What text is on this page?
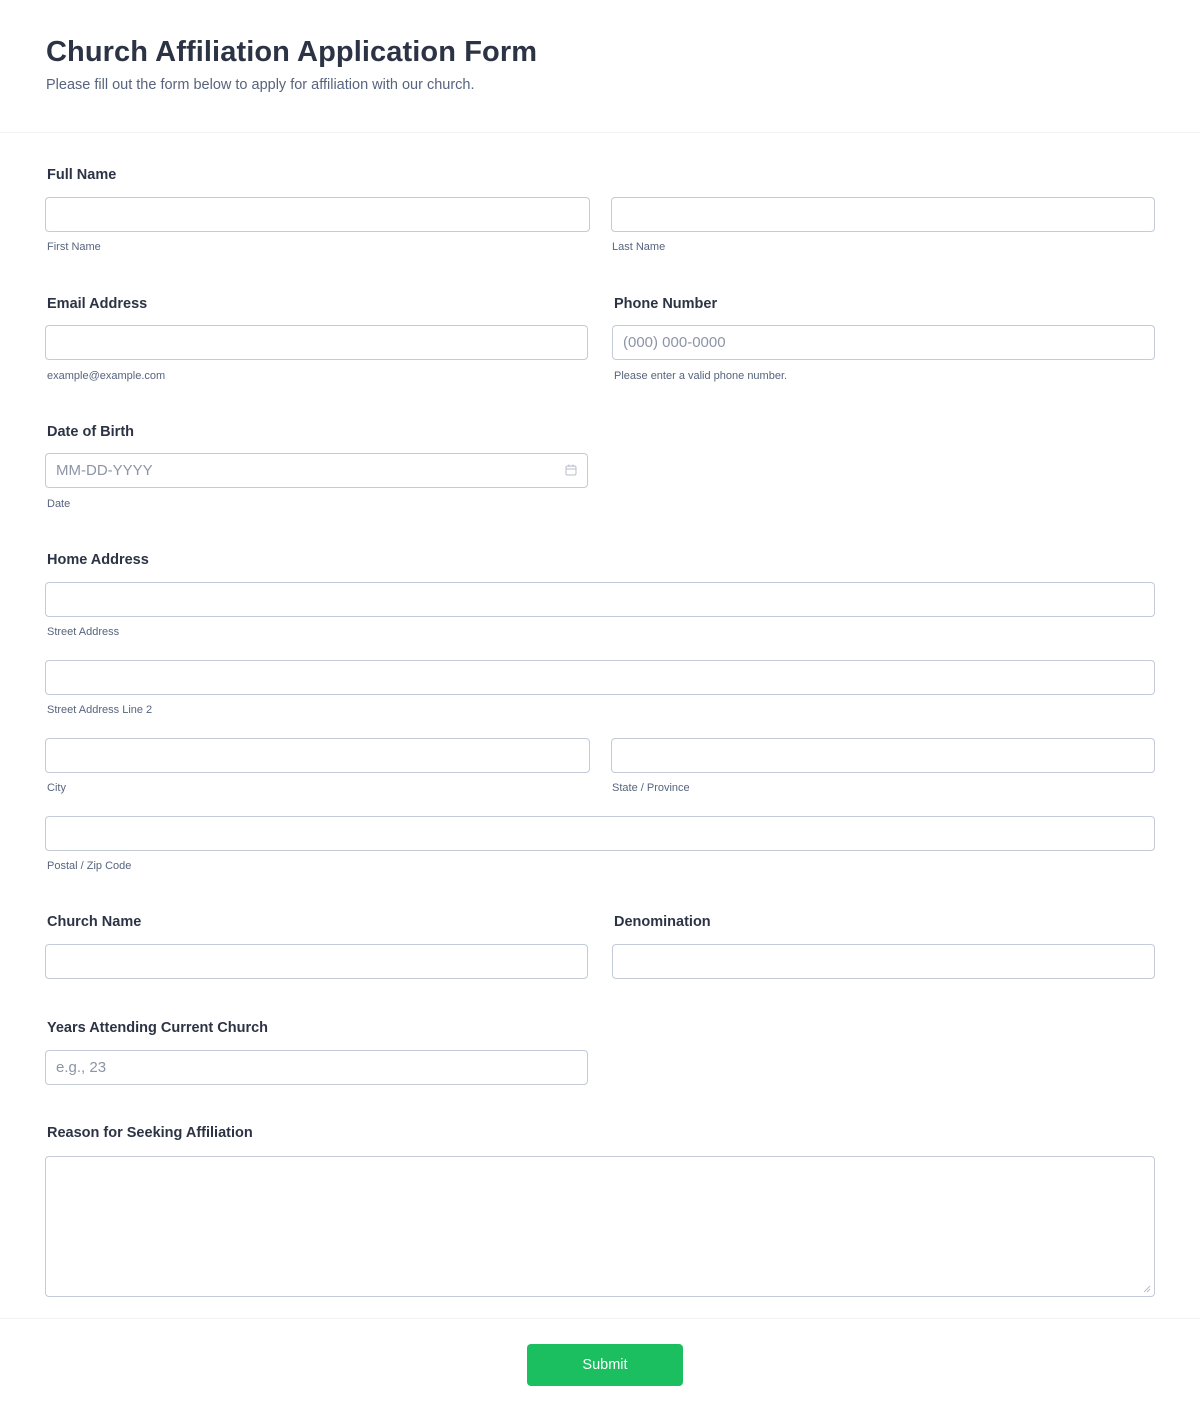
Church Affiliation Application Form

Please fill out the form below to apply for affiliation with our church.

Full Name
First Name	Last Name
Email Address
example@example.com
Phone Number
(000) 000-0000
Please enter a valid phone number.
Date of Birth
MM-DD-YYYY
Date
Home Address
Street Address
Street Address Line 2
City	State / Province
Postal / Zip Code
Church Name	Denomination
Years Attending Current Church
e.g., 23
Reason for Seeking Affiliation
Submit
